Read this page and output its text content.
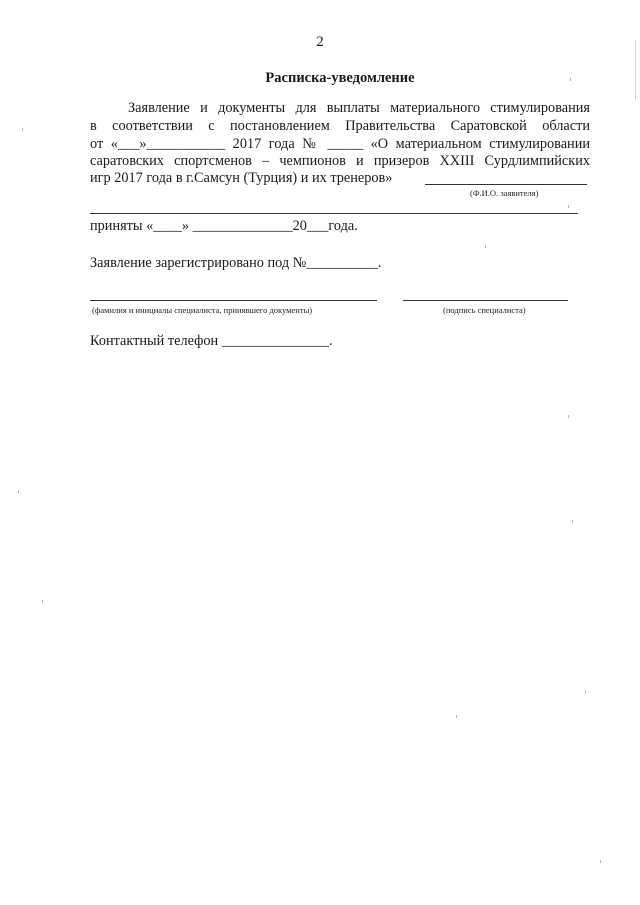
2
Расписка-уведомление
Заявление и документы для выплаты материального стимулирования
в соответствии с постановлением Правительства Саратовской области
от «___»___________ 2017 года № _____ «О материальном стимулировании
саратовских спортсменов – чемпионов и призеров XXIII Сурдлимпийских
игр 2017 года в г.Самсун (Турция) и их тренеров»
(Ф.И.О. заявителя)
приняты «____» ______________20___года.
Заявление зарегистрировано под №__________.
(фамилия и инициалы специалиста, принявшего документы)	(подпись специалиста)
Контактный телефон _______________.
